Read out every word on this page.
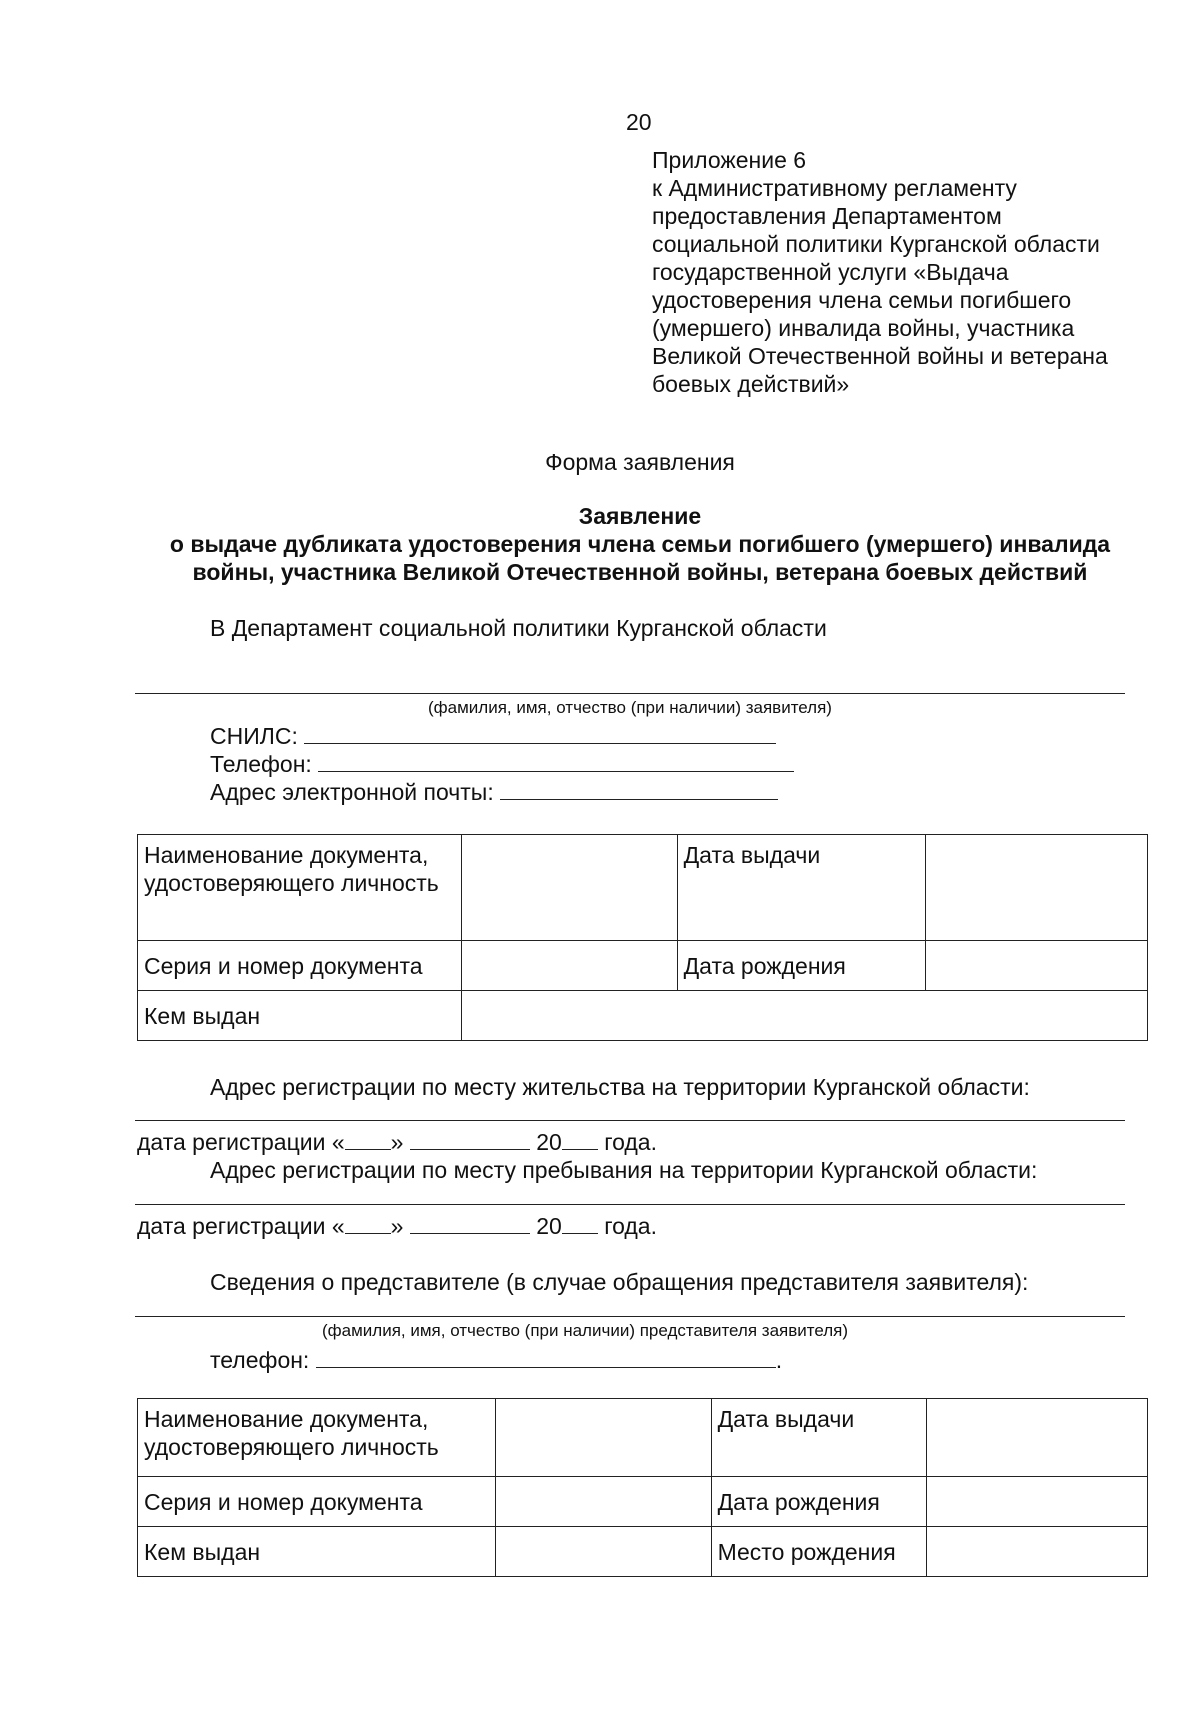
20
Приложение 6
к Административному регламенту
предоставления Департаментом
социальной политики Курганской области
государственной услуги «Выдача
удостоверения члена семьи погибшего
(умершего) инвалида войны, участника
Великой Отечественной войны и ветерана
боевых действий»
Форма заявления
Заявление
о выдаче дубликата удостоверения члена семьи погибшего (умершего) инвалида
войны, участника Великой Отечественной войны, ветерана боевых действий
В Департамент социальной политики Курганской области
(фамилия, имя, отчество (при наличии) заявителя)
СНИЛС:
Телефон:
Адрес электронной почты:
Наименование документа, удостоверяющего личность		Дата выдачи	
Серия и номер документа		Дата рождения	
Кем выдан			
Адрес регистрации по месту жительства на территории Курганской области:
дата регистрации « »	20 года.
Адрес регистрации по месту пребывания на территории Курганской области:
дата регистрации « »	20 года.
Сведения о представителе (в случае обращения представителя заявителя):
(фамилия, имя, отчество (при наличии) представителя заявителя)
телефон:	.
Наименование документа, удостоверяющего личность		Дата выдачи	
Серия и номер документа		Дата рождения	
Кем выдан		Место рождения	
